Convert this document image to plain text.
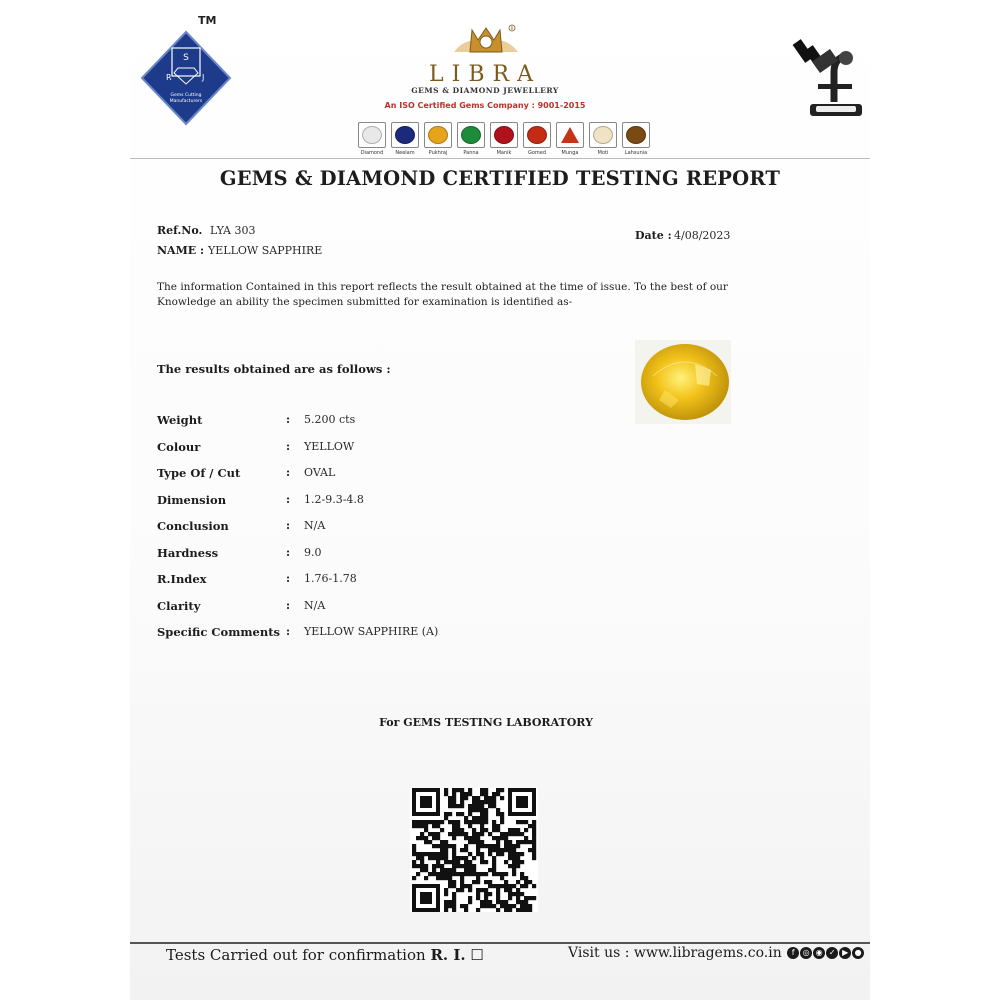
TM
S
R	J
Gems Cutting
Manufacturers
R
LIBRA
GEMS & DIAMOND JEWELLERY
An ISO Certified Gems Company : 9001-2015
Diamond	Neelam	Pukhraj	Panna	Manik	Gomed	Munga	Moti	Lahsunia
GEMS & DIAMOND CERTIFIED TESTING REPORT
Ref.No. LYA 303
NAME : YELLOW SAPPHIRE
Date : 4/08/2023
The information Contained in this report reflects the result obtained at the time of issue. To the best of our
Knowledge an ability the specimen submitted for examination is identified as-
The results obtained are as follows :
Weight	: 5.200 cts
Colour	: YELLOW
Type Of / Cut	: OVAL
Dimension	: 1.2-9.3-4.8
Conclusion	: N/A
Hardness	: 9.0
R.Index	: 1.76-1.78
Clarity	: N/A
Specific Comments : YELLOW SAPPHIRE (A)
For GEMS TESTING LABORATORY
Tests Carried out for confirmation R. I. ☐	Visit us : www.libragems.co.in f ◎ ◉ ✓ ▶ ●
